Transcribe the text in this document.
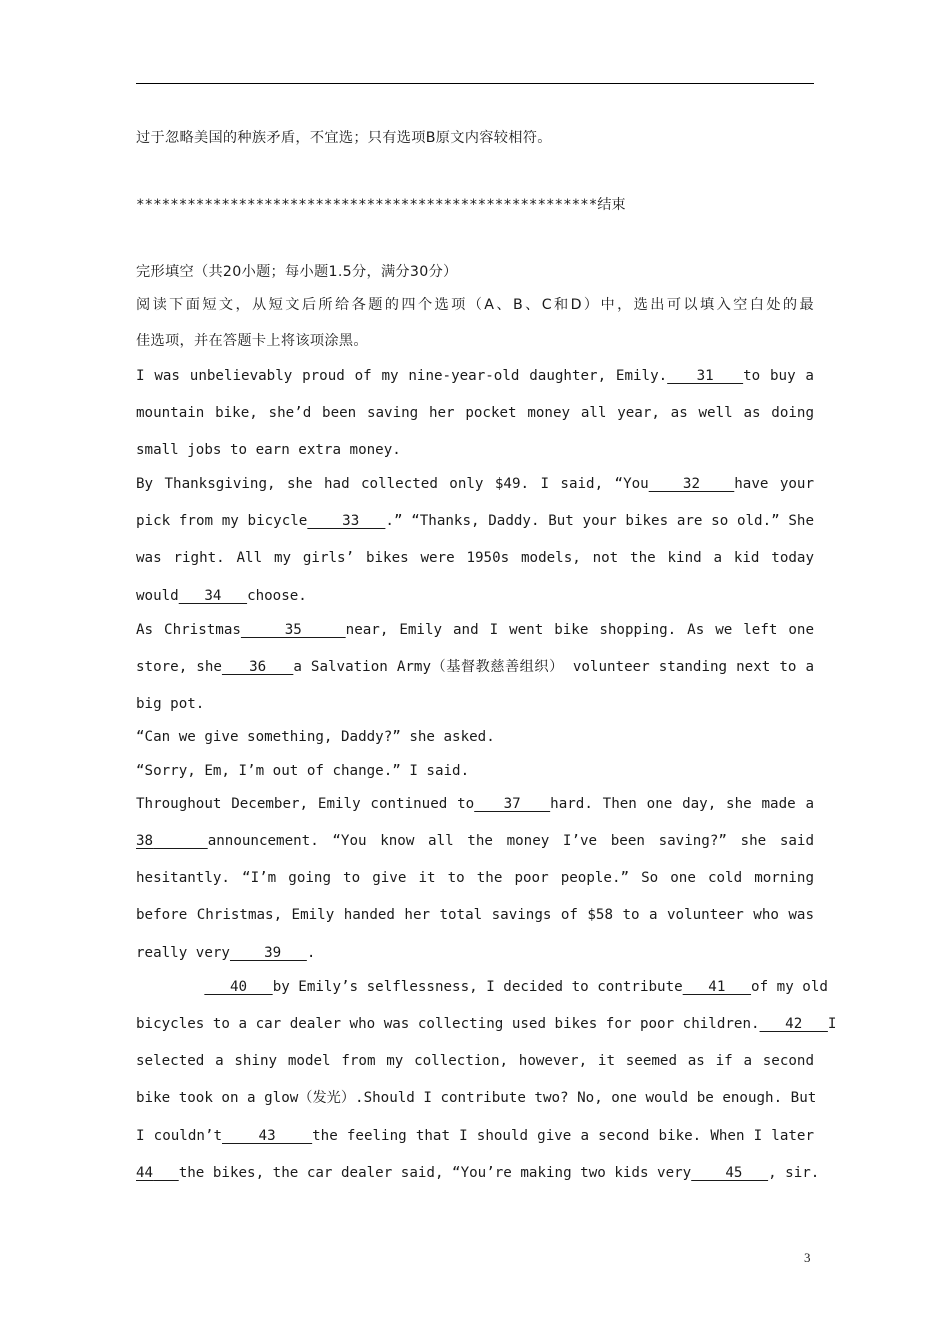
过于忽略美国的种族矛盾，不宜选；只有选项B原文内容较相符。
******************************************************结束
完形填空（共20小题；每小题1.5分，满分30分）
阅读下面短文，从短文后所给各题的四个选项（A、B、C和D）中，选出可以填入空白处的最
佳选项，并在答题卡上将该项涂黑。
I was unbelievably proud of my nine-year-old daughter, Emily.   31   to buy a
mountain bike, she’d been saving her pocket money all year, as well as doing
small jobs to earn extra money.
By Thanksgiving, she had collected only $49. I said, “You   32   have your
pick from my bicycle    33   .” “Thanks, Daddy. But your bikes are so old.” She
was right. All my girls’ bikes were 1950s models, not the kind a kid today
would   34   choose.
As Christmas    35    near, Emily and I went bike shopping. As we left one
store, she   36   a Salvation Army（基督教慈善组织） volunteer standing next to a
big pot.
“Can we give something, Daddy?” she asked.
“Sorry, Em, I’m out of change.” I said.
Throughout December, Emily continued to   37   hard. Then one day, she made a
38	announcement. “You know all the money I’ve been saving?” she said
hesitantly. “I’m going to give it to the poor people.” So one cold morning
before Christmas, Emily handed her total savings of $58 to a volunteer who was
really very    39   .
40   by Emily’s selflessness, I decided to contribute   41   of my old
bicycles to a car dealer who was collecting used bikes for poor children.   42   I
selected a shiny model from my collection, however, it seemed as if a second
bike took on a glow（发光）.Should I contribute two? No, one would be enough. But
I couldn’t    43    the feeling that I should give a second bike. When I later
44 the bikes, the car dealer said, “You’re making two kids very    45   , sir.
3
